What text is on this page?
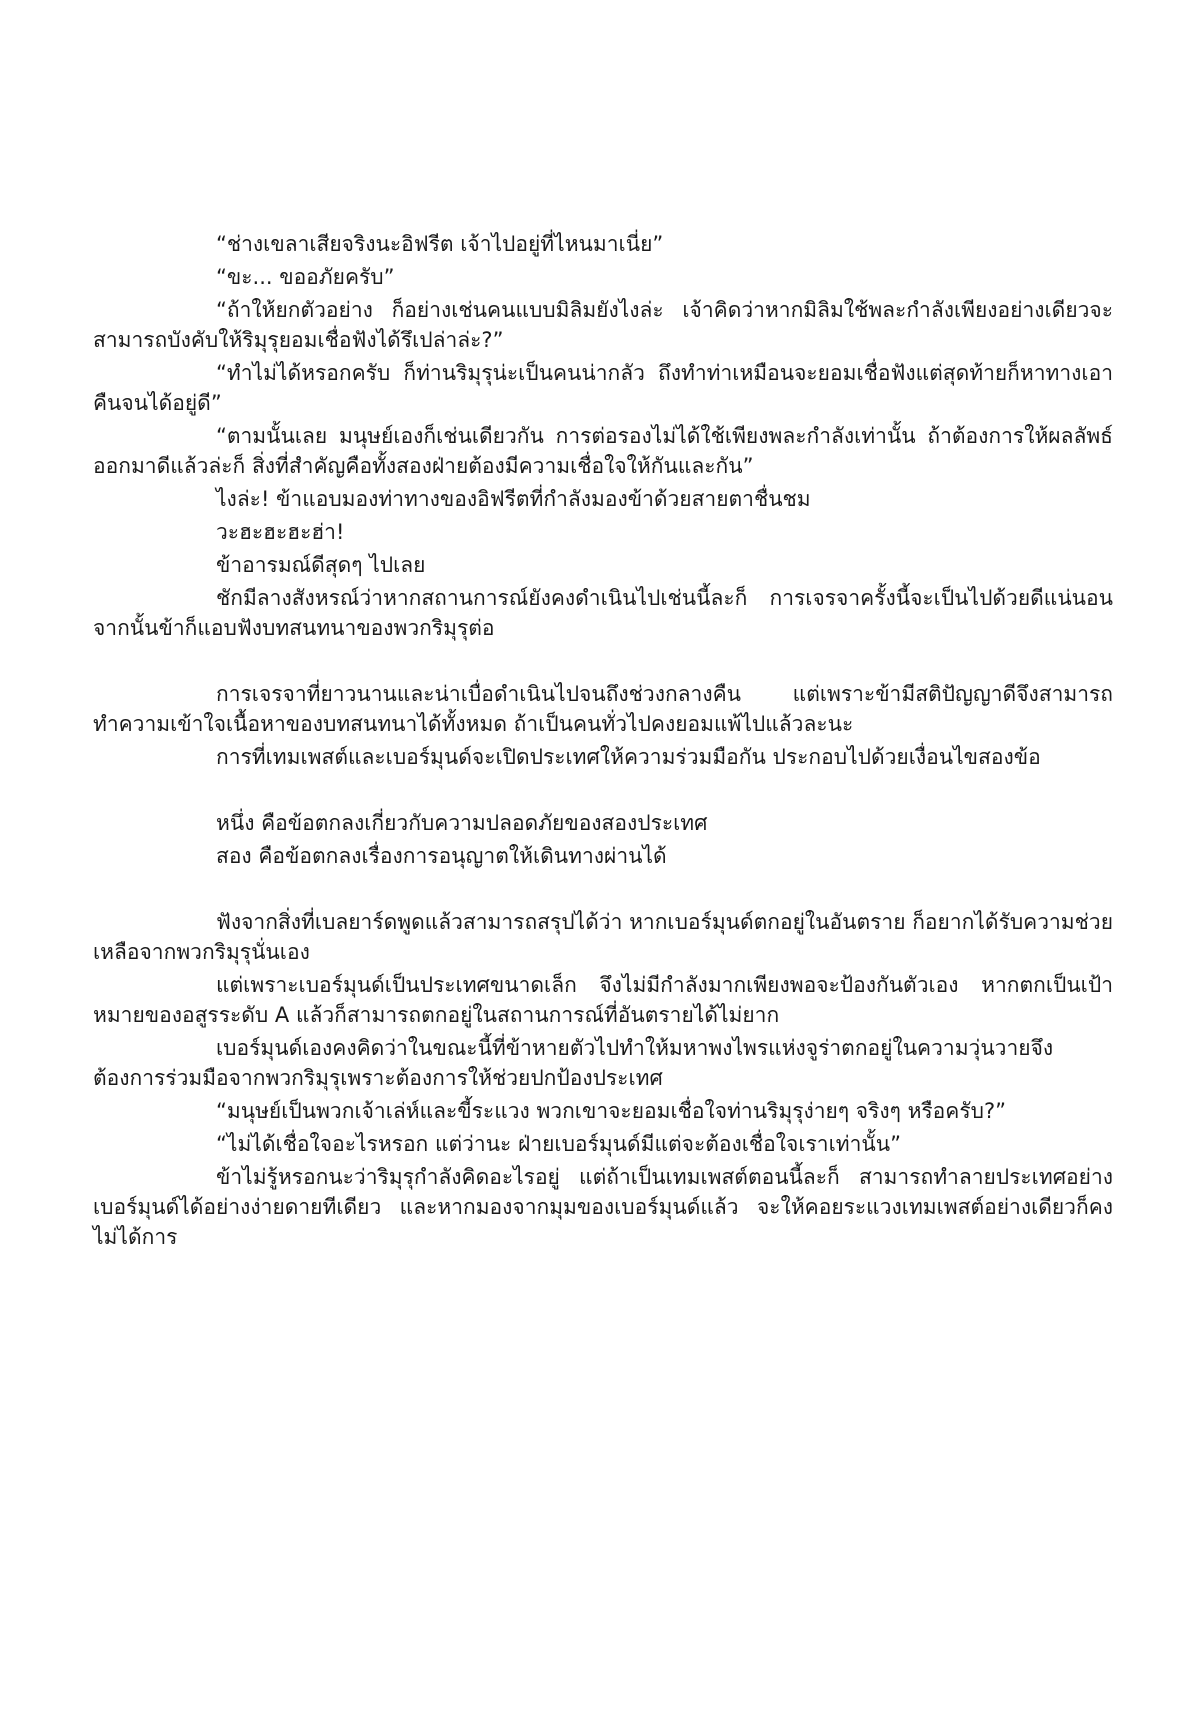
“ช่างเขลาเสียจริงนะอิฟรีต เจ้าไปอยู่ที่ไหนมาเนี่ย”

“ขะ... ขออภัยครับ”

“ถ้าให้ยกตัวอย่าง ก็อย่างเช่นคนแบบมิลิมยังไงล่ะ เจ้าคิดว่าหากมิลิมใช้พละกำลังเพียงอย่างเดียวจะสามารถบังคับให้ริมุรุยอมเชื่อฟังได้รึเปล่าล่ะ?”

“ทำไม่ได้หรอกครับ ก็ท่านริมุรุน่ะเป็นคนน่ากลัว ถึงทำท่าเหมือนจะยอมเชื่อฟังแต่สุดท้ายก็หาทางเอาคืนจนได้อยู่ดี”

“ตามนั้นเลย มนุษย์เองก็เช่นเดียวกัน การต่อรองไม่ได้ใช้เพียงพละกำลังเท่านั้น ถ้าต้องการให้ผลลัพธ์ออกมาดีแล้วล่ะก็ สิ่งที่สำคัญคือทั้งสองฝ่ายต้องมีความเชื่อใจให้กันและกัน”

ไงล่ะ! ข้าแอบมองท่าทางของอิฟรีตที่กำลังมองข้าด้วยสายตาชื่นชม

วะฮะฮะฮะฮ่า!

ข้าอารมณ์ดีสุดๆ ไปเลย

ชักมีลางสังหรณ์ว่าหากสถานการณ์ยังคงดำเนินไปเช่นนี้ละก็ การเจรจาครั้งนี้จะเป็นไปด้วยดีแน่นอนจากนั้นข้าก็แอบฟังบทสนทนาของพวกริมุรุต่อ

การเจรจาที่ยาวนานและน่าเบื่อดำเนินไปจนถึงช่วงกลางคืน แต่เพราะข้ามีสติปัญญาดีจึงสามารถทำความเข้าใจเนื้อหาของบทสนทนาได้ทั้งหมด ถ้าเป็นคนทั่วไปคงยอมแพ้ไปแล้วละนะ

การที่เทมเพสต์และเบอร์มุนด์จะเปิดประเทศให้ความร่วมมือกัน ประกอบไปด้วยเงื่อนไขสองข้อ

หนึ่ง คือข้อตกลงเกี่ยวกับความปลอดภัยของสองประเทศ

สอง คือข้อตกลงเรื่องการอนุญาตให้เดินทางผ่านได้

ฟังจากสิ่งที่เบลยาร์ดพูดแล้วสามารถสรุปได้ว่า หากเบอร์มุนด์ตกอยู่ในอันตราย ก็อยากได้รับความช่วยเหลือจากพวกริมุรุนั่นเอง

แต่เพราะเบอร์มุนด์เป็นประเทศขนาดเล็ก จึงไม่มีกำลังมากเพียงพอจะป้องกันตัวเอง หากตกเป็นเป้าหมายของอสูรระดับ A แล้วก็สามารถตกอยู่ในสถานการณ์ที่อันตรายได้ไม่ยาก

เบอร์มุนด์เองคงคิดว่าในขณะนี้ที่ข้าหายตัวไปทำให้มหาพงไพรแห่งจูร่าตกอยู่ในความวุ่นวายจึงต้องการร่วมมือจากพวกริมุรุเพราะต้องการให้ช่วยปกป้องประเทศ

“มนุษย์เป็นพวกเจ้าเล่ห์และขี้ระแวง พวกเขาจะยอมเชื่อใจท่านริมุรุง่ายๆ จริงๆ หรือครับ?”

“ไม่ได้เชื่อใจอะไรหรอก แต่ว่านะ ฝ่ายเบอร์มุนด์มีแต่จะต้องเชื่อใจเราเท่านั้น”

ข้าไม่รู้หรอกนะว่าริมุรุกำลังคิดอะไรอยู่ แต่ถ้าเป็นเทมเพสต์ตอนนี้ละก็ สามารถทำลายประเทศอย่างเบอร์มุนด์ได้อย่างง่ายดายทีเดียว และหากมองจากมุมของเบอร์มุนด์แล้ว จะให้คอยระแวงเทมเพสต์อย่างเดียวก็คงไม่ได้การ
